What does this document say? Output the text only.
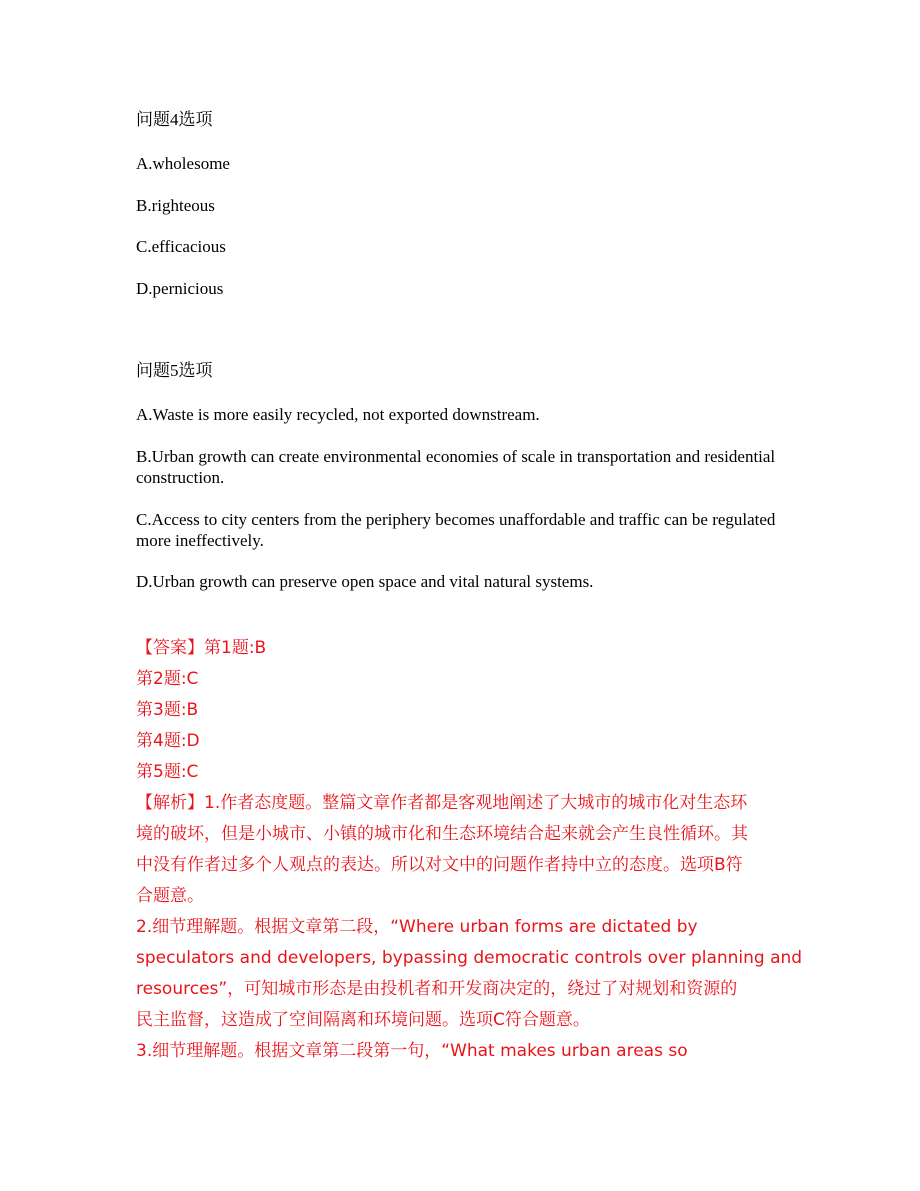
问题4选项

A.wholesome

B.righteous

C.efficacious

D.pernicious

问题5选项

A.Waste is more easily recycled, not exported downstream.

B.Urban growth can create environmental economies of scale in transportation and residential construction.

C.Access to city centers from the periphery becomes unaffordable and traffic can be regulated more ineffectively.

D.Urban growth can preserve open space and vital natural systems.

【答案】第1题:B

第2题:C

第3题:B

第4题:D

第5题:C

【解析】1.作者态度题。整篇文章作者都是客观地阐述了大城市的城市化对生态环

境的破坏，但是小城市、小镇的城市化和生态环境结合起来就会产生良性循环。其

中没有作者过多个人观点的表达。所以对文中的问题作者持中立的态度。选项B符

合题意。

2.细节理解题。根据文章第二段，“Where urban forms are dictated by

speculators and developers, bypassing democratic controls over planning and

resources”，可知城市形态是由投机者和开发商决定的，绕过了对规划和资源的

民主监督，这造成了空间隔离和环境问题。选项C符合题意。

3.细节理解题。根据文章第二段第一句，“What makes urban areas so
